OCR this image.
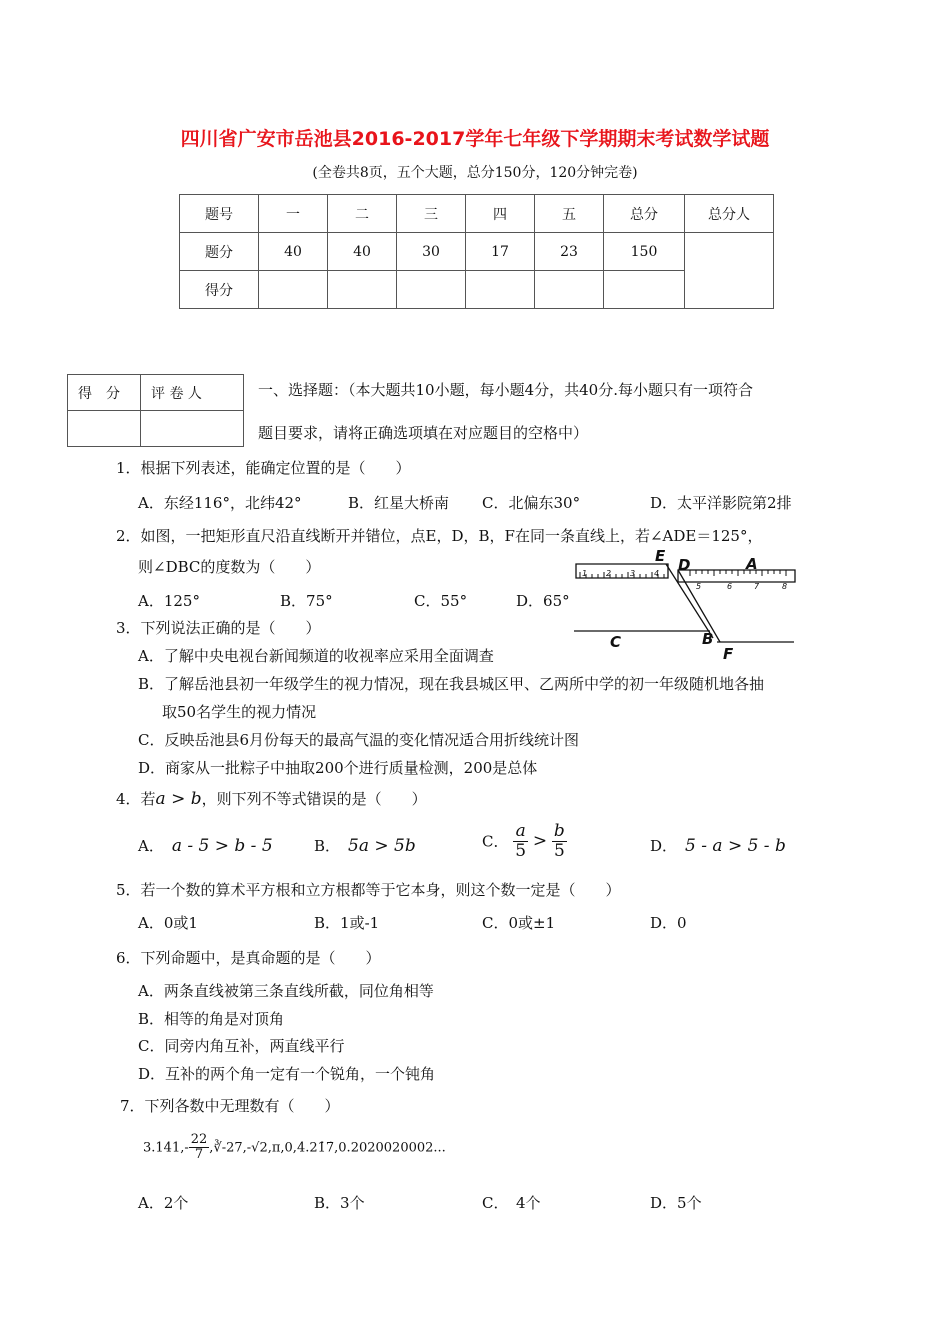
四川省广安市岳池县2016-2017学年七年级下学期期末考试数学试题
(全卷共8页，五个大题，总分150分，120分钟完卷)
题号	一	二	三	四	五	总分	总分人
题分	40	40	30	17	23	150	
得分							
得　分	评 卷 人
		一、选择题：（本大题共10小题，每小题4分，共40分.每小题只有一项符合
题目要求，请将正确选项填在对应题目的空格中）
1．根据下列表述，能确定位置的是（　　）
A．东经116°，北纬42°	B．红星大桥南 C．北偏东30°	D．太平洋影院第2排
2．如图，一把矩形直尺沿直线断开并错位，点E，D，B，F在同一条直线上，若∠ADE＝125°，
则∠DBC的度数为（　　）
A．125°	B．75°	C．55°	D．65°
1 2 3 4
5	6	7	8
E D	A
C	B
F
3．下列说法正确的是（　　）
A．了解中央电视台新闻频道的收视率应采用全面调查
B．了解岳池县初一年级学生的视力情况，现在我县城区甲、乙两所中学的初一年级随机地各抽
取50名学生的视力情况
C．反映岳池县6月份每天的最高气温的变化情况适合用折线统计图
D．商家从一批粽子中抽取200个进行质量检测，200是总体
4．若a > b，则下列不等式错误的是（　　）
A． a - 5 > b - 5	B． 5a > 5b	C． $\frac{a}{5} > \frac{b}{5}$	D． 5 - a > 5 - b
5．若一个数的算术平方根和立方根都等于它本身，则这个数一定是（　　）
A．0或1	B．1或-1	C．0或±1	D．0
6．下列命题中，是真命题的是（　　）
A．两条直线被第三条直线所截，同位角相等
B．相等的角是对顶角
C．同旁内角互补，两直线平行
D．互补的两个角一定有一个锐角，一个钝角
7．下列各数中无理数有（　　）
$3.141,- \frac{22}{7}$ ,∛-27,-√2,π,0,4.21̇7̇,0.2020020002...
A．2个	B．3个	C．　4个	D．5个
